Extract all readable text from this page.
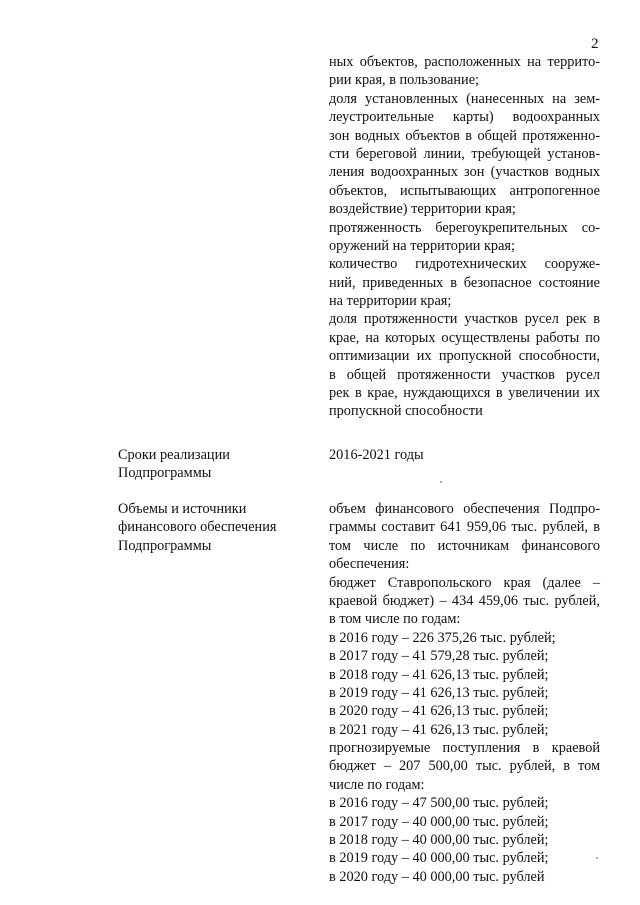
2
ных объектов, расположенных на террито-
рии края, в пользование;
доля установленных (нанесенных на зем-
леустроительные карты) водоохранных
зон водных объектов в общей протяженно-
сти береговой линии, требующей установ-
ления водоохранных зон (участков водных
объектов, испытывающих антропогенное
воздействие) территории края;
протяженность берегоукрепительных со-
оружений на территории края;
количество гидротехнических сооруже-
ний, приведенных в безопасное состояние
на территории края;
доля протяженности участков русел рек в
крае, на которых осуществлены работы по
оптимизации их пропускной способности,
в общей протяженности участков русел
рек в крае, нуждающихся в увеличении их
пропускной способности
Сроки реализации
Подпрограммы
2016-2021 годы
Объемы и источники
финансового обеспечения
Подпрограммы
объем финансового обеспечения Подпро-
граммы составит 641 959,06 тыс. рублей, в
том числе по источникам финансового
обеспечения:
бюджет Ставропольского края (далее –
краевой бюджет) – 434 459,06 тыс. рублей,
в том числе по годам:
в 2016 году – 226 375,26 тыс. рублей;
в 2017 году – 41 579,28 тыс. рублей;
в 2018 году – 41 626,13 тыс. рублей;
в 2019 году – 41 626,13 тыс. рублей;
в 2020 году – 41 626,13 тыс. рублей;
в 2021 году – 41 626,13 тыс. рублей;
прогнозируемые поступления в краевой
бюджет – 207 500,00 тыс. рублей, в том
числе по годам:
в 2016 году – 47 500,00 тыс. рублей;
в 2017 году – 40 000,00 тыс. рублей;
в 2018 году – 40 000,00 тыс. рублей;
в 2019 году – 40 000,00 тыс. рублей;
в 2020 году – 40 000,00 тыс. рублей
